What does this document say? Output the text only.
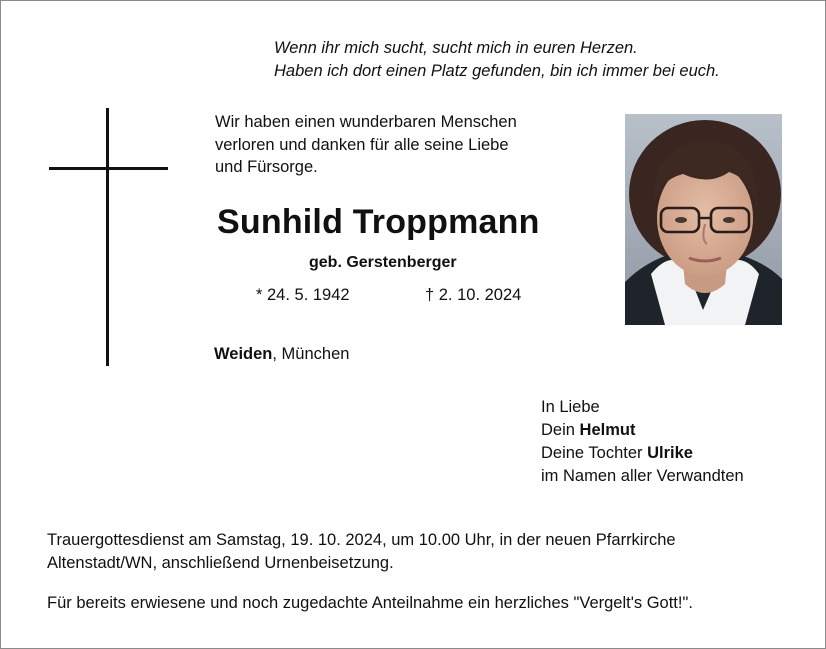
Wenn ihr mich sucht, sucht mich in euren Herzen.
Haben ich dort einen Platz gefunden, bin ich immer bei euch.
Wir haben einen wunderbaren Menschen
verloren und danken für alle seine Liebe
und Fürsorge.
Sunhild Troppmann
geb. Gerstenberger
* 24. 5. 1942	† 2. 10. 2024
Weiden, München
In Liebe
Dein Helmut
Deine Tochter Ulrike
im Namen aller Verwandten
Trauergottesdienst am Samstag, 19. 10. 2024, um 10.00 Uhr, in der neuen Pfarrkirche
Altenstadt/WN, anschließend Urnenbeisetzung.
Für bereits erwiesene und noch zugedachte Anteilnahme ein herzliches "Vergelt's Gott!".
